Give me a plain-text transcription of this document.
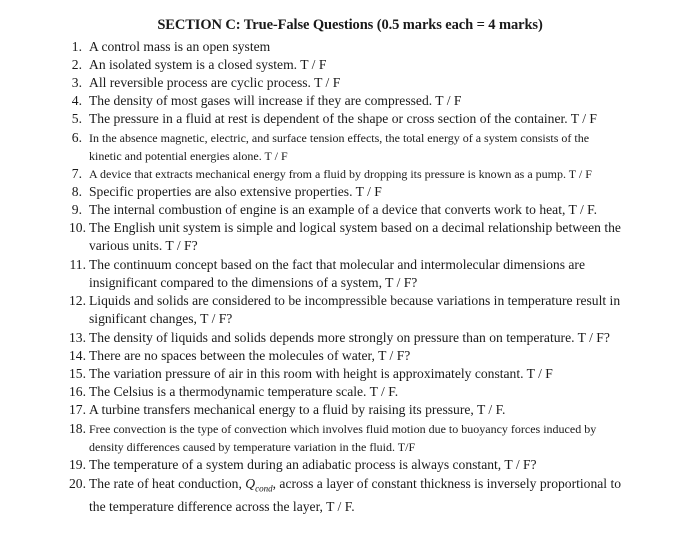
SECTION C: True-False Questions (0.5 marks each = 4 marks)
1. A control mass is an open system
2. An isolated system is a closed system. T / F
3. All reversible process are cyclic process. T / F
4. The density of most gases will increase if they are compressed. T / F
5. The pressure in a fluid at rest is dependent of the shape or cross section of the container. T / F
6. In the absence magnetic, electric, and surface tension effects, the total energy of a system consists of the
kinetic and potential energies alone. T / F
7. A device that extracts mechanical energy from a fluid by dropping its pressure is known as a pump. T / F
8. Specific properties are also extensive properties. T / F
9. The internal combustion of engine is an example of a device that converts work to heat, T / F.
10. The English unit system is simple and logical system based on a decimal relationship between the
various units. T / F?
11. The continuum concept based on the fact that molecular and intermolecular dimensions are
insignificant compared to the dimensions of a system, T / F?
12. Liquids and solids are considered to be incompressible because variations in temperature result in
significant changes, T / F?
13. The density of liquids and solids depends more strongly on pressure than on temperature. T / F?
14. There are no spaces between the molecules of water, T / F?
15. The variation pressure of air in this room with height is approximately constant. T / F
16. The Celsius is a thermodynamic temperature scale. T / F.
17. A turbine transfers mechanical energy to a fluid by raising its pressure, T / F.
18. Free convection is the type of convection which involves fluid motion due to buoyancy forces induced by
density differences caused by temperature variation in the fluid. T/F
19. The temperature of a system during an adiabatic process is always constant, T / F?
20. The rate of heat conduction, $Q_{cond}$, across a layer of constant thickness is inversely proportional to
the temperature difference across the layer, T / F.
